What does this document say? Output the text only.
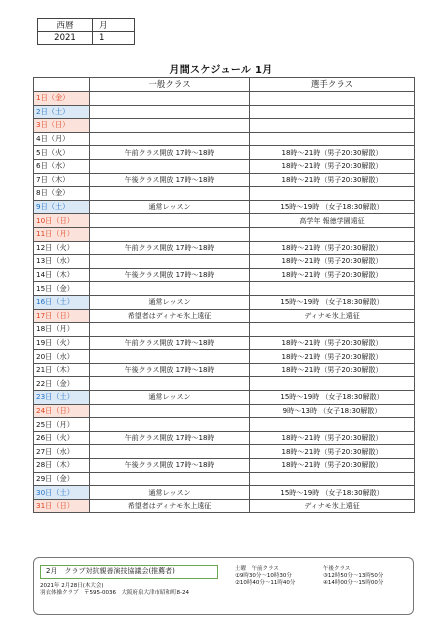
西暦	月
2021	1
月間スケジュール 1月
	一般クラス	選手クラス
1日（金）		
2日（土）		
3日（日）		
4日（月）		
5日（火）	午前クラス開放 17時〜18時	18時〜21時（男子20:30解散）
6日（水）		18時〜21時（男子20:30解散）
7日（木）	午後クラス開放 17時〜18時	18時〜21時（男子20:30解散）
8日（金）		
9日（土）	通常レッスン	15時〜19時 （女子18:30解散）
10日（日）		高学年 報徳学園遠征
11日（月）		
12日（火）	午前クラス開放 17時〜18時	18時〜21時（男子20:30解散）
13日（水）		18時〜21時（男子20:30解散）
14日（木）	午後クラス開放 17時〜18時	18時〜21時（男子20:30解散）
15日（金）		
16日（土）	通常レッスン	15時〜19時 （女子18:30解散）
17日（日）	希望者はディナモ氷上遠征	ディナモ氷上遠征
18日（月）		
19日（火）	午前クラス開放 17時〜18時	18時〜21時（男子20:30解散）
20日（水）		18時〜21時（男子20:30解散）
21日（木）	午後クラス開放 17時〜18時	18時〜21時（男子20:30解散）
22日（金）		
23日（土）	通常レッスン	15時〜19時 （女子18:30解散）
24日（日）		9時〜13時 （女子18:30解散）
25日（月）		
26日（火）	午前クラス開放 17時〜18時	18時〜21時（男子20:30解散）
27日（水）		18時〜21時（男子20:30解散）
28日（木）	午後クラス開放 17時〜18時	18時〜21時（男子20:30解散）
29日（金）		
30日（土）	通常レッスン	15時〜19時 （女子18:30解散）
31日（日）	希望者はディナモ氷上遠征	ディナモ氷上遠征
2月　クラブ対抗親善演技協議会(推薦者)
2021年 2月28日(木大会)
羽衣体操クラブ　〒595-0036　大阪府泉大津市昭和町8-24
土曜　午前クラス
①9時30分〜10時30分
②10時40分〜11時40分
午後クラス
③12時50分〜13時50分
④14時00分〜15時00分
